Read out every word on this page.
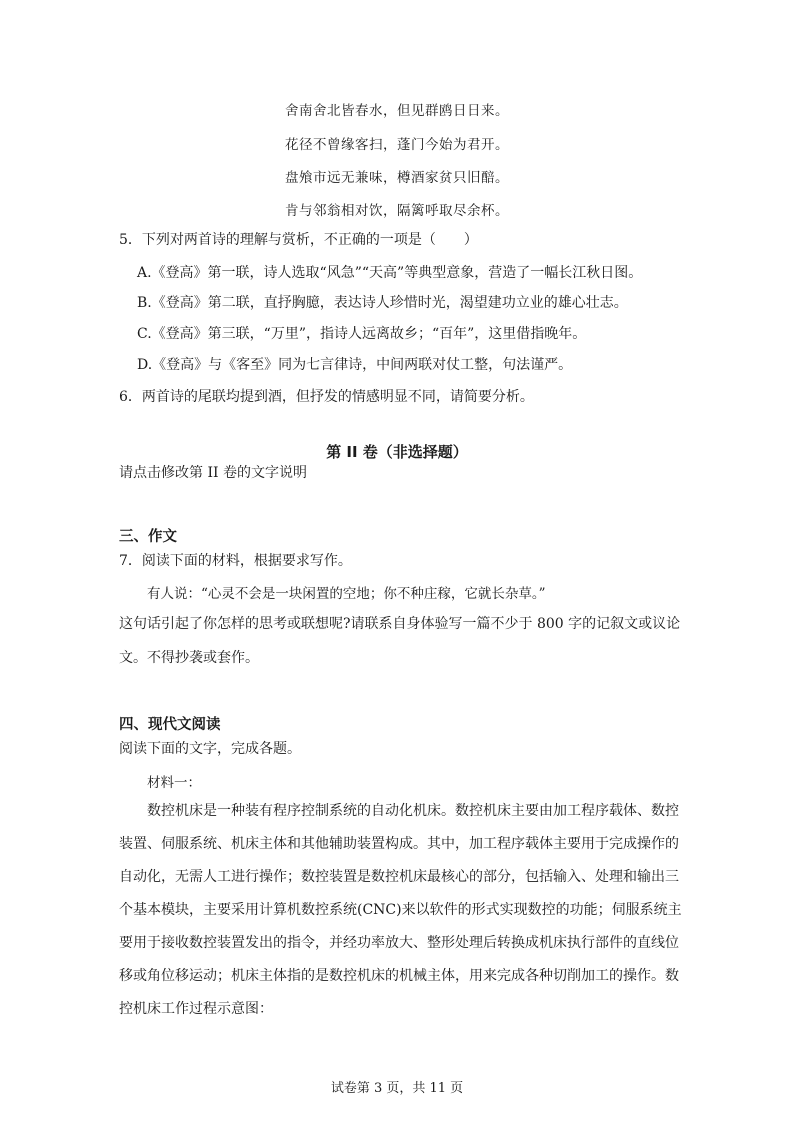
舍南舍北皆春水，但见群鸥日日来。
花径不曾缘客扫，蓬门今始为君开。
盘飧市远无兼味，樽酒家贫只旧醅。
肯与邻翁相对饮，隔篱呼取尽余杯。
5．下列对两首诗的理解与赏析，不正确的一项是（　　）
A.《登高》第一联，诗人选取“风急”“天高”等典型意象，营造了一幅长江秋日图。
B.《登高》第二联，直抒胸臆，表达诗人珍惜时光，渴望建功立业的雄心壮志。
C.《登高》第三联，“万里”，指诗人远离故乡；“百年”，这里借指晚年。
D.《登高》与《客至》同为七言律诗，中间两联对仗工整，句法谨严。
6．两首诗的尾联均提到酒，但抒发的情感明显不同，请简要分析。
第 II 卷（非选择题）
请点击修改第 II 卷的文字说明
三、作文
7．阅读下面的材料，根据要求写作。
有人说：“心灵不会是一块闲置的空地；你不种庄稼，它就长杂草。”
这句话引起了你怎样的思考或联想呢?请联系自身体验写一篇不少于 800 字的记叙文或议论
文。不得抄袭或套作。
四、现代文阅读
阅读下面的文字，完成各题。
材料一：
数控机床是一种装有程序控制系统的自动化机床。数控机床主要由加工程序载体、数控
装置、伺服系统、机床主体和其他辅助装置构成。其中，加工程序载体主要用于完成操作的
自动化，无需人工进行操作；数控装置是数控机床最核心的部分，包括输入、处理和输出三
个基本模块，主要采用计算机数控系统(CNC)来以软件的形式实现数控的功能；伺服系统主
要用于接收数控装置发出的指令，并经功率放大、整形处理后转换成机床执行部件的直线位
移或角位移运动；机床主体指的是数控机床的机械主体，用来完成各种切削加工的操作。数
控机床工作过程示意图：
试卷第 3 页，共 11 页
